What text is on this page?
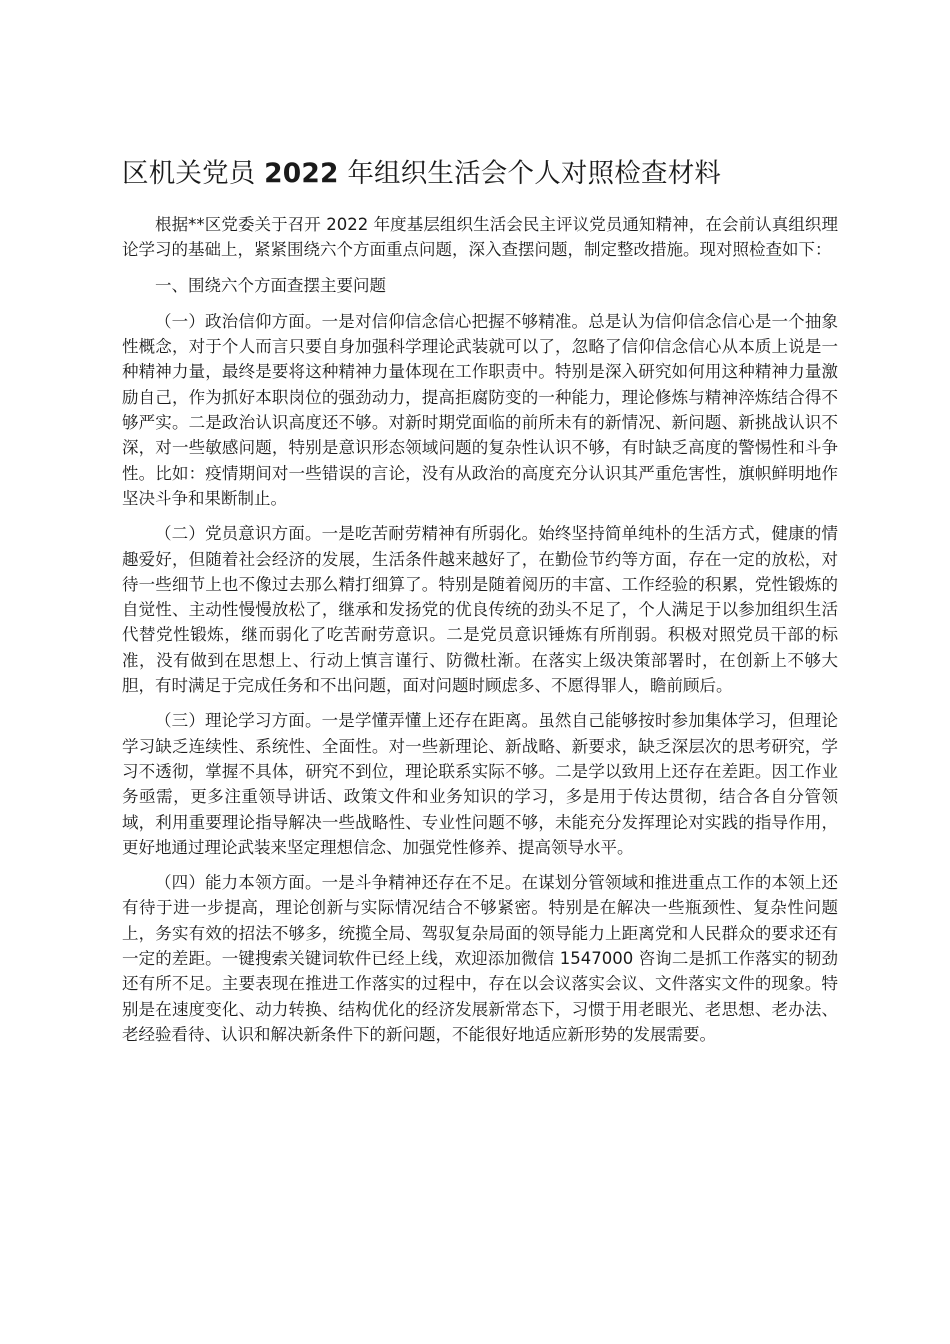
区机关党员 2022 年组织生活会个人对照检查材料

根据**区党委关于召开 2022 年度基层组织生活会民主评议党员通知精神，在会前认真组织理论学习的基础上，紧紧围绕六个方面重点问题，深入查摆问题，制定整改措施。现对照检查如下：

一、围绕六个方面查摆主要问题

（一）政治信仰方面。一是对信仰信念信心把握不够精准。总是认为信仰信念信心是一个抽象性概念，对于个人而言只要自身加强科学理论武装就可以了，忽略了信仰信念信心从本质上说是一种精神力量，最终是要将这种精神力量体现在工作职责中。特别是深入研究如何用这种精神力量激励自己，作为抓好本职岗位的强劲动力，提高拒腐防变的一种能力，理论修炼与精神淬炼结合得不够严实。二是政治认识高度还不够。对新时期党面临的前所未有的新情况、新问题、新挑战认识不深，对一些敏感问题，特别是意识形态领域问题的复杂性认识不够，有时缺乏高度的警惕性和斗争性。比如：疫情期间对一些错误的言论，没有从政治的高度充分认识其严重危害性，旗帜鲜明地作坚决斗争和果断制止。

（二）党员意识方面。一是吃苦耐劳精神有所弱化。始终坚持简单纯朴的生活方式，健康的情趣爱好，但随着社会经济的发展，生活条件越来越好了，在勤俭节约等方面，存在一定的放松，对待一些细节上也不像过去那么精打细算了。特别是随着阅历的丰富、工作经验的积累，党性锻炼的自觉性、主动性慢慢放松了，继承和发扬党的优良传统的劲头不足了，个人满足于以参加组织生活代替党性锻炼，继而弱化了吃苦耐劳意识。二是党员意识锤炼有所削弱。积极对照党员干部的标准，没有做到在思想上、行动上慎言谨行、防微杜渐。在落实上级决策部署时，在创新上不够大胆，有时满足于完成任务和不出问题，面对问题时顾虑多、不愿得罪人，瞻前顾后。

（三）理论学习方面。一是学懂弄懂上还存在距离。虽然自己能够按时参加集体学习，但理论学习缺乏连续性、系统性、全面性。对一些新理论、新战略、新要求，缺乏深层次的思考研究，学习不透彻，掌握不具体，研究不到位，理论联系实际不够。二是学以致用上还存在差距。因工作业务亟需，更多注重领导讲话、政策文件和业务知识的学习，多是用于传达贯彻，结合各自分管领域，利用重要理论指导解决一些战略性、专业性问题不够，未能充分发挥理论对实践的指导作用，更好地通过理论武装来坚定理想信念、加强党性修养、提高领导水平。

（四）能力本领方面。一是斗争精神还存在不足。在谋划分管领域和推进重点工作的本领上还有待于进一步提高，理论创新与实际情况结合不够紧密。特别是在解决一些瓶颈性、复杂性问题上，务实有效的招法不够多，统揽全局、驾驭复杂局面的领导能力上距离党和人民群众的要求还有一定的差距。一键搜索关键词软件已经上线，欢迎添加微信 1547000 咨询二是抓工作落实的韧劲还有所不足。主要表现在推进工作落实的过程中，存在以会议落实会议、文件落实文件的现象。特别是在速度变化、动力转换、结构优化的经济发展新常态下，习惯于用老眼光、老思想、老办法、老经验看待、认识和解决新条件下的新问题，不能很好地适应新形势的发展需要。
